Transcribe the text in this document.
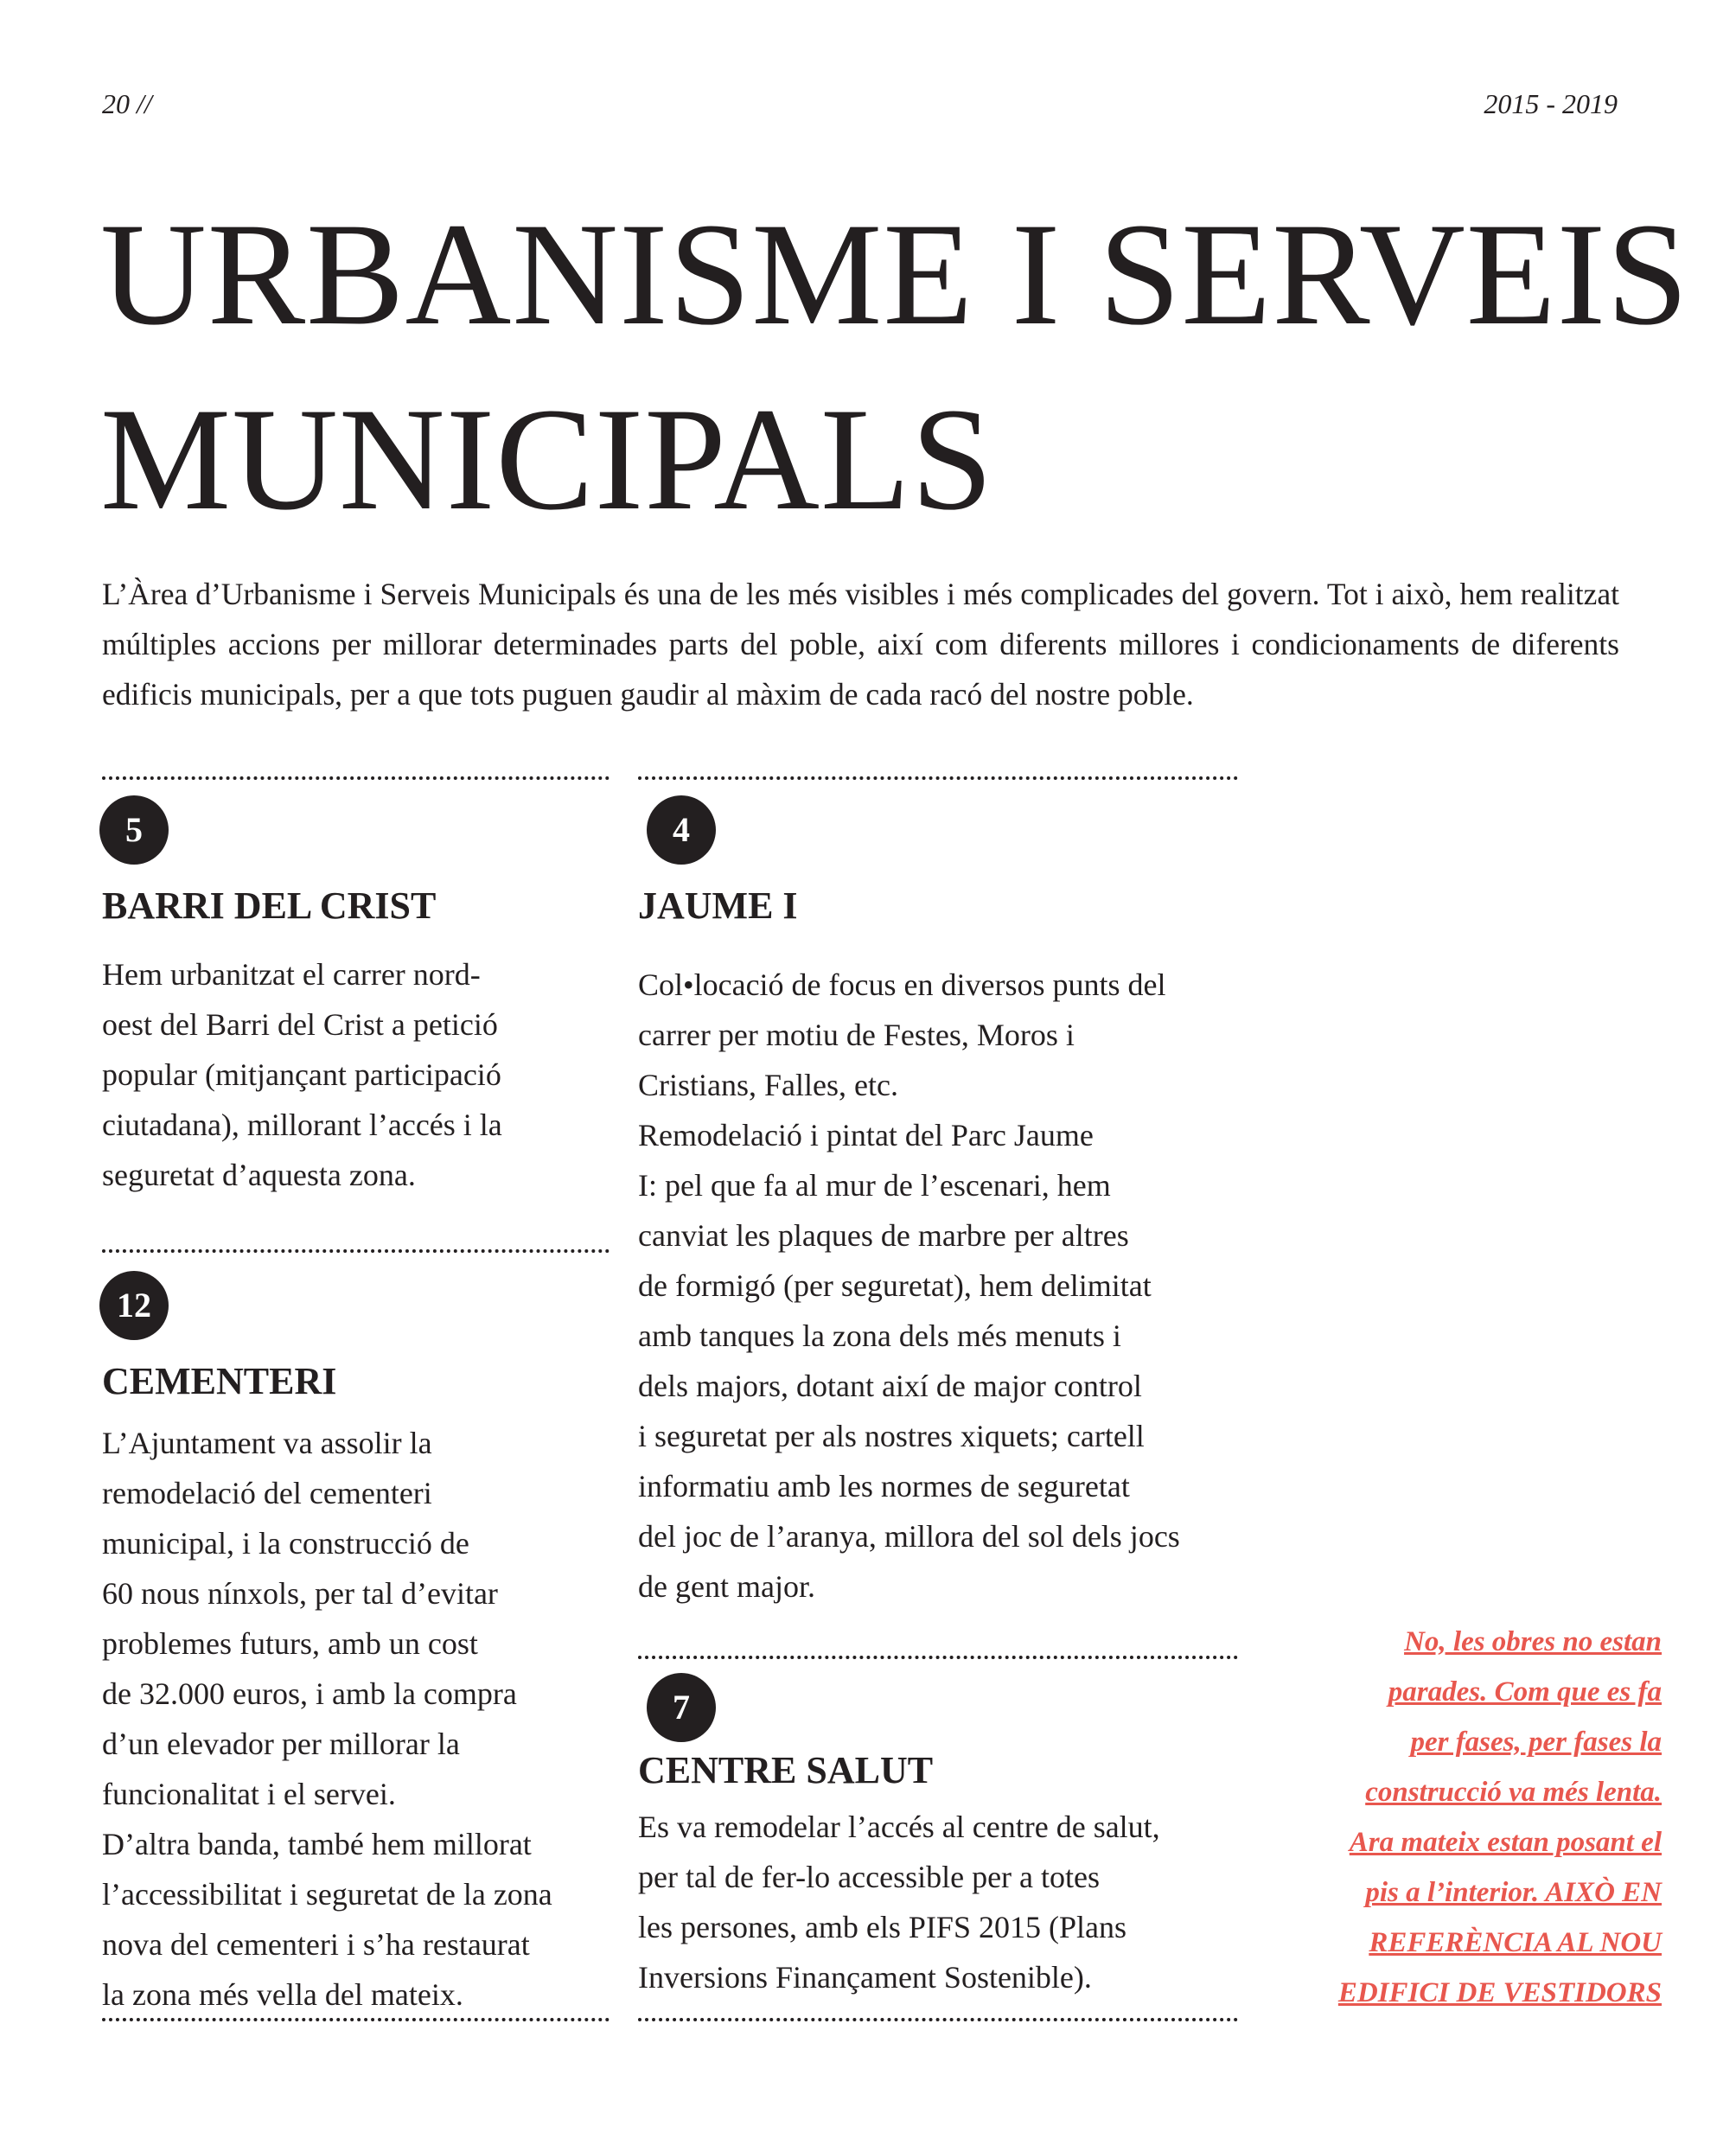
20 //	2015 - 2019
URBANISME I SERVEIS
MUNICIPALS

L’Àrea d’Urbanisme i Serveis Municipals és una de les més visibles i més complicades del govern. Tot i això, hem realitzat múltiples accions per millorar determinades parts del poble, així com diferents millores i condicionaments de diferents edificis municipals, per a que tots puguen gaudir al màxim de cada racó del nostre poble.

5
BARRI DEL CRIST
Hem urbanitzat el carrer nord-
oest del Barri del Crist a petició
popular (mitjançant participació
ciutadana), millorant l’accés i la
seguretat d’aquesta zona.
12
CEMENTERI
L’Ajuntament va assolir la
remodelació del cementeri
municipal, i la construcció de
60 nous nínxols, per tal d’evitar
problemes futurs, amb un cost
de 32.000 euros, i amb la compra
d’un elevador per millorar la
funcionalitat i el servei.
D’altra banda, també hem millorat
l’accessibilitat i seguretat de la zona
nova del cementeri i s’ha restaurat
la zona més vella del mateix.
4
JAUME I
Col•locació de focus en diversos punts del
carrer per motiu de Festes, Moros i
Cristians, Falles, etc.
Remodelació i pintat del Parc Jaume
I: pel que fa al mur de l’escenari, hem
canviat les plaques de marbre per altres
de formigó (per seguretat), hem delimitat
amb tanques la zona dels més menuts i
dels majors, dotant així de major control
i seguretat per als nostres xiquets; cartell
informatiu amb les normes de seguretat
del joc de l’aranya, millora del sol dels jocs
de gent major.
7
CENTRE SALUT
Es va remodelar l’accés al centre de salut,
per tal de fer-lo accessible per a totes
les persones, amb els PIFS 2015 (Plans
Inversions Finançament Sostenible).
No, les obres no estan
parades. Com que es fa
per fases, per fases la
construcció va més lenta.
Ara mateix estan posant el
pis a l’interior. AIXÒ EN
REFERÈNCIA AL NOU
EDIFICI DE VESTIDORS
